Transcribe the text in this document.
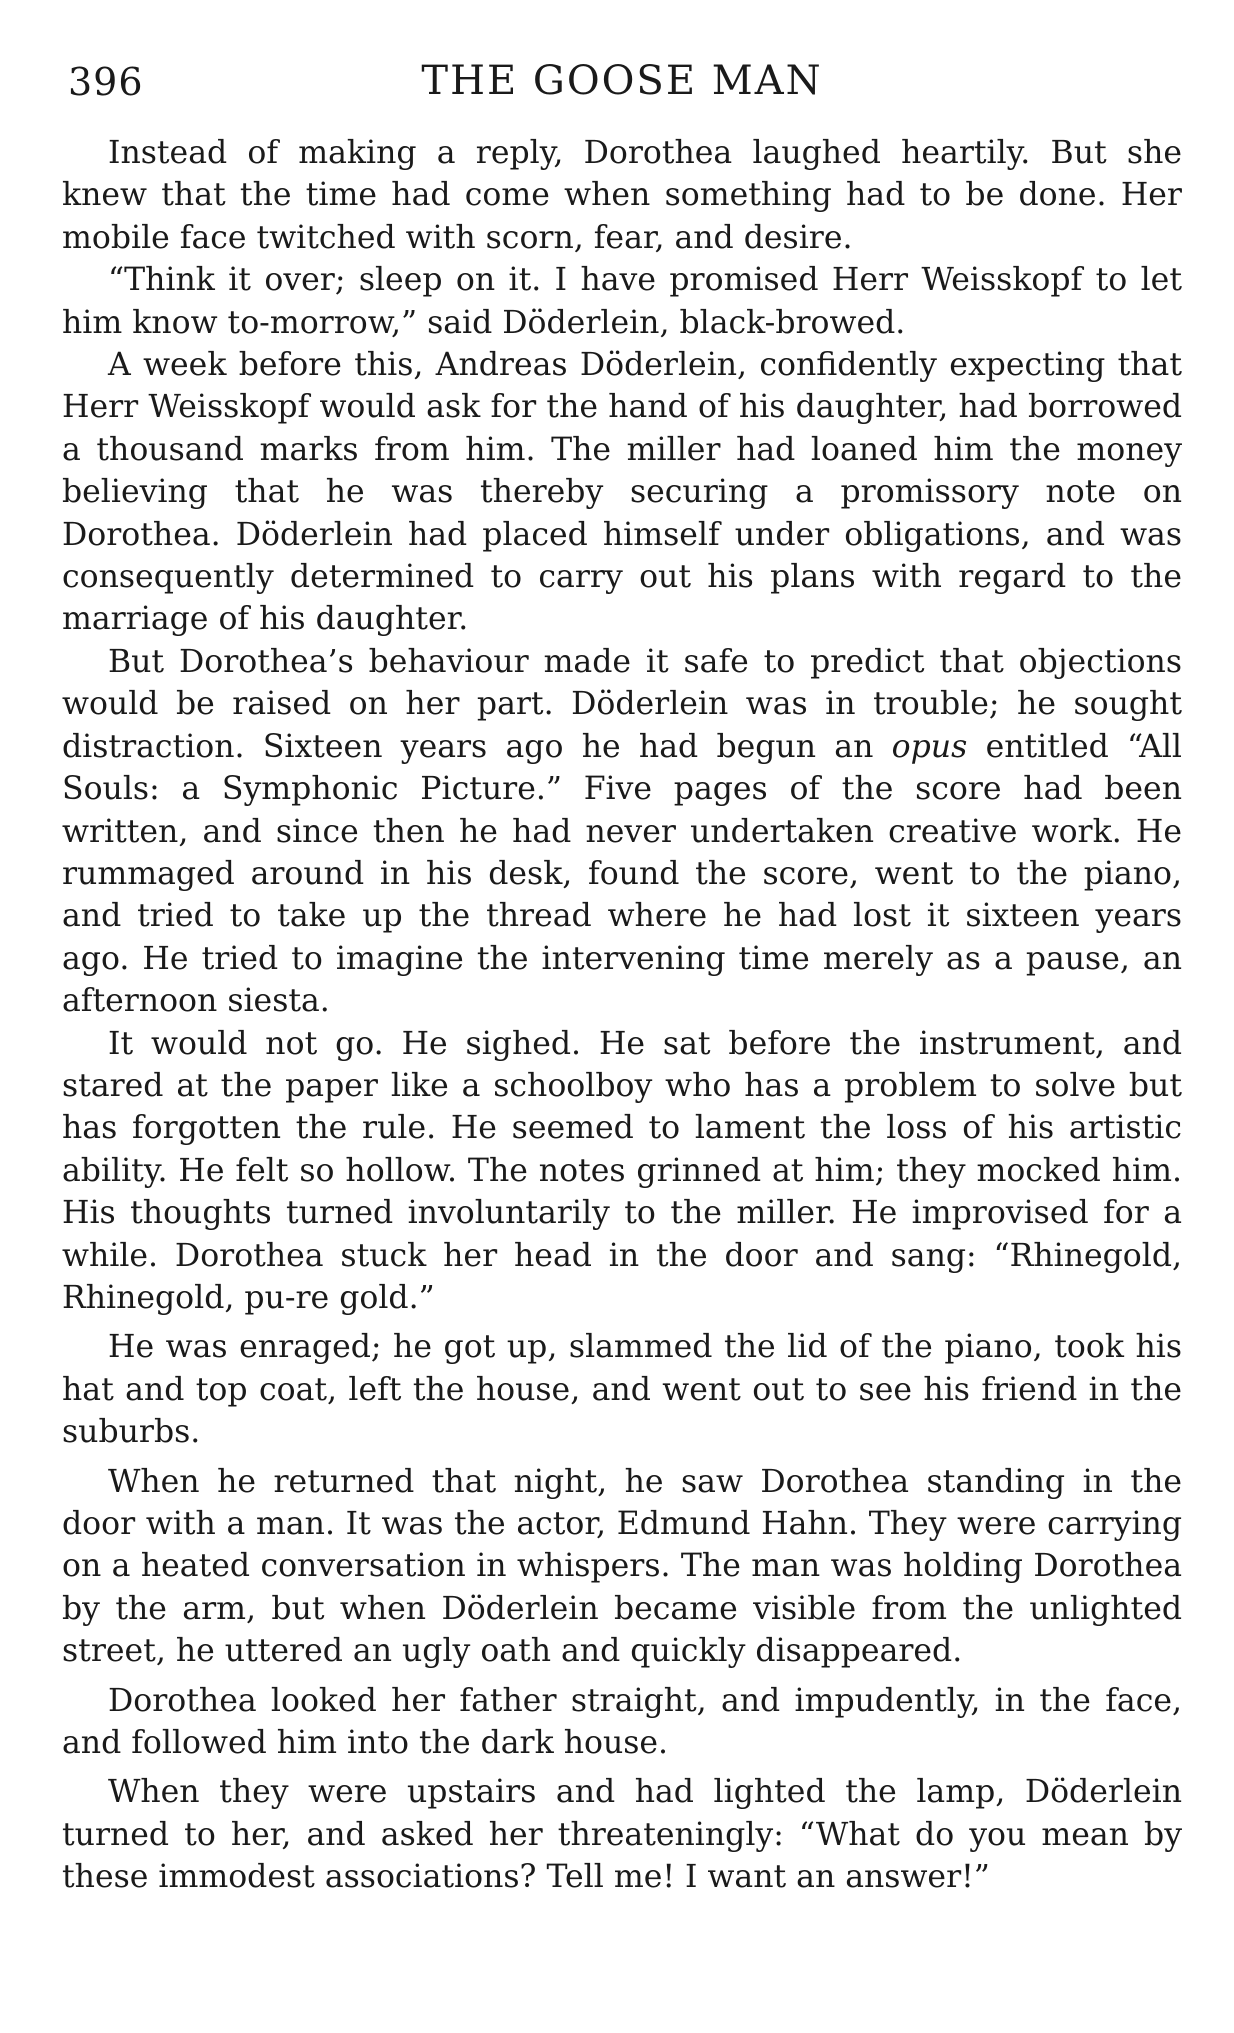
396	THE GOOSE MAN

Instead of making a reply, Dorothea laughed heartily. But she knew that the time had come when something had to be done. Her mobile face twitched with scorn, fear, and desire.

“Think it over; sleep on it. I have promised Herr Weisskopf to let him know to-morrow,” said Döderlein, black-browed.

A week before this, Andreas Döderlein, confidently expecting that Herr Weisskopf would ask for the hand of his daughter, had borrowed a thousand marks from him. The miller had loaned him the money believing that he was thereby securing a promissory note on Dorothea. Döderlein had placed himself under obligations, and was consequently determined to carry out his plans with regard to the marriage of his daughter.

But Dorothea’s behaviour made it safe to predict that objections would be raised on her part. Döderlein was in trouble; he sought distraction. Sixteen years ago he had begun an opus entitled “All Souls: a Symphonic Picture.” Five pages of the score had been written, and since then he had never undertaken creative work. He rummaged around in his desk, found the score, went to the piano, and tried to take up the thread where he had lost it sixteen years ago. He tried to imagine the intervening time merely as a pause, an afternoon siesta.

It would not go. He sighed. He sat before the instrument, and stared at the paper like a schoolboy who has a problem to solve but has forgotten the rule. He seemed to lament the loss of his artistic ability. He felt so hollow. The notes grinned at him; they mocked him. His thoughts turned involuntarily to the miller. He improvised for a while. Dorothea stuck her head in the door and sang: “Rhinegold, Rhinegold, pu-re gold.”

He was enraged; he got up, slammed the lid of the piano, took his hat and top coat, left the house, and went out to see his friend in the suburbs.

When he returned that night, he saw Dorothea standing in the door with a man. It was the actor, Edmund Hahn. They were carrying on a heated conversation in whispers. The man was holding Dorothea by the arm, but when Döderlein became visible from the unlighted street, he uttered an ugly oath and quickly disappeared.

Dorothea looked her father straight, and impudently, in the face, and followed him into the dark house.

When they were upstairs and had lighted the lamp, Döderlein turned to her, and asked her threateningly: “What do you mean by these immodest associations? Tell me! I want an answer!”
